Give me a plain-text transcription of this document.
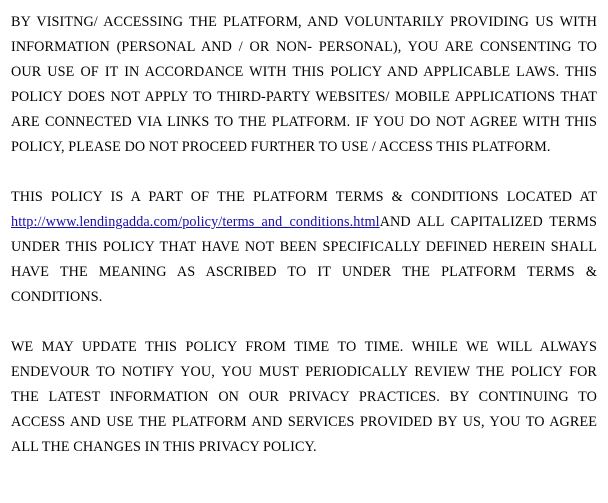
BY VISITNG/ ACCESSING THE PLATFORM, AND VOLUNTARILY PROVIDING US WITH INFORMATION (PERSONAL AND / OR NON- PERSONAL), YOU ARE CONSENTING TO OUR USE OF IT IN ACCORDANCE WITH THIS POLICY AND APPLICABLE LAWS. THIS POLICY DOES NOT APPLY TO THIRD-PARTY WEBSITES/ MOBILE APPLICATIONS THAT ARE CONNECTED VIA LINKS TO THE PLATFORM. IF YOU DO NOT AGREE WITH THIS POLICY, PLEASE DO NOT PROCEED FURTHER TO USE / ACCESS THIS PLATFORM.

THIS POLICY IS A PART OF THE PLATFORM TERMS & CONDITIONS LOCATED AT http://www.lendingadda.com/policy/terms_and_conditions.htmlAND ALL CAPITALIZED TERMS UNDER THIS POLICY THAT HAVE NOT BEEN SPECIFICALLY DEFINED HEREIN SHALL HAVE THE MEANING AS ASCRIBED TO IT UNDER THE PLATFORM TERMS & CONDITIONS.

WE MAY UPDATE THIS POLICY FROM TIME TO TIME. WHILE WE WILL ALWAYS ENDEVOUR TO NOTIFY YOU, YOU MUST PERIODICALLY REVIEW THE POLICY FOR THE LATEST INFORMATION ON OUR PRIVACY PRACTICES. BY CONTINUING TO ACCESS AND USE THE PLATFORM AND SERVICES PROVIDED BY US, YOU TO AGREE ALL THE CHANGES IN THIS PRIVACY POLICY.
